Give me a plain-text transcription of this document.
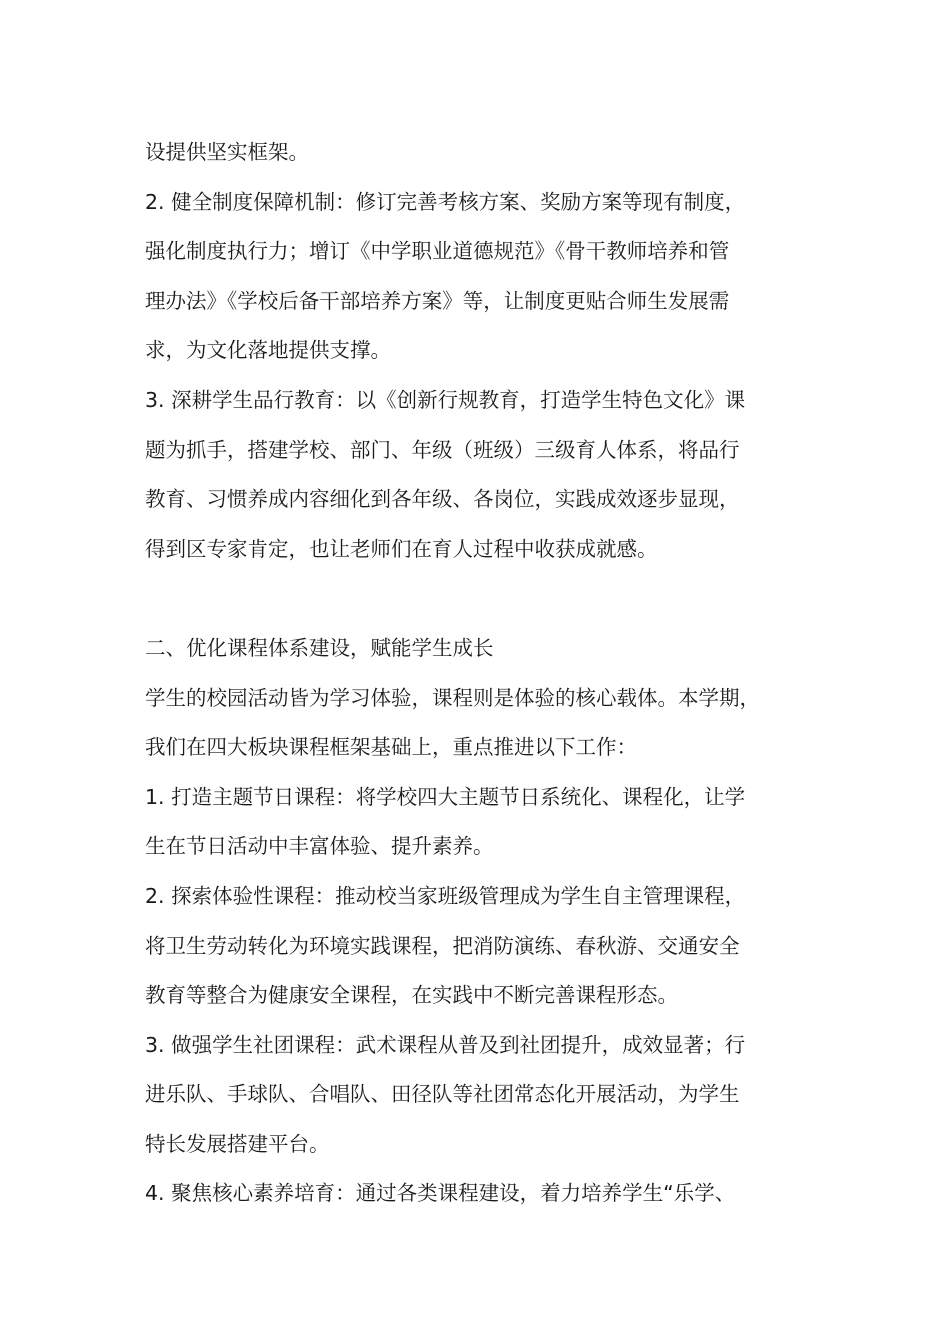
设提供坚实框架。
2. 健全制度保障机制：修订完善考核方案、奖励方案等现有制度，
强化制度执行力；增订《中学职业道德规范》《骨干教师培养和管
理办法》《学校后备干部培养方案》等，让制度更贴合师生发展需
求，为文化落地提供支撑。
3. 深耕学生品行教育：以《创新行规教育，打造学生特色文化》课
题为抓手，搭建学校、部门、年级（班级）三级育人体系，将品行
教育、习惯养成内容细化到各年级、各岗位，实践成效逐步显现，
得到区专家肯定，也让老师们在育人过程中收获成就感。
二、优化课程体系建设，赋能学生成长
学生的校园活动皆为学习体验，课程则是体验的核心载体。本学期，
我们在四大板块课程框架基础上，重点推进以下工作：
1. 打造主题节日课程：将学校四大主题节日系统化、课程化，让学
生在节日活动中丰富体验、提升素养。
2. 探索体验性课程：推动校当家班级管理成为学生自主管理课程，
将卫生劳动转化为环境实践课程，把消防演练、春秋游、交通安全
教育等整合为健康安全课程，在实践中不断完善课程形态。
3. 做强学生社团课程：武术课程从普及到社团提升，成效显著；行
进乐队、手球队、合唱队、田径队等社团常态化开展活动，为学生
特长发展搭建平台。
4. 聚焦核心素养培育：通过各类课程建设，着力培养学生“乐学、
